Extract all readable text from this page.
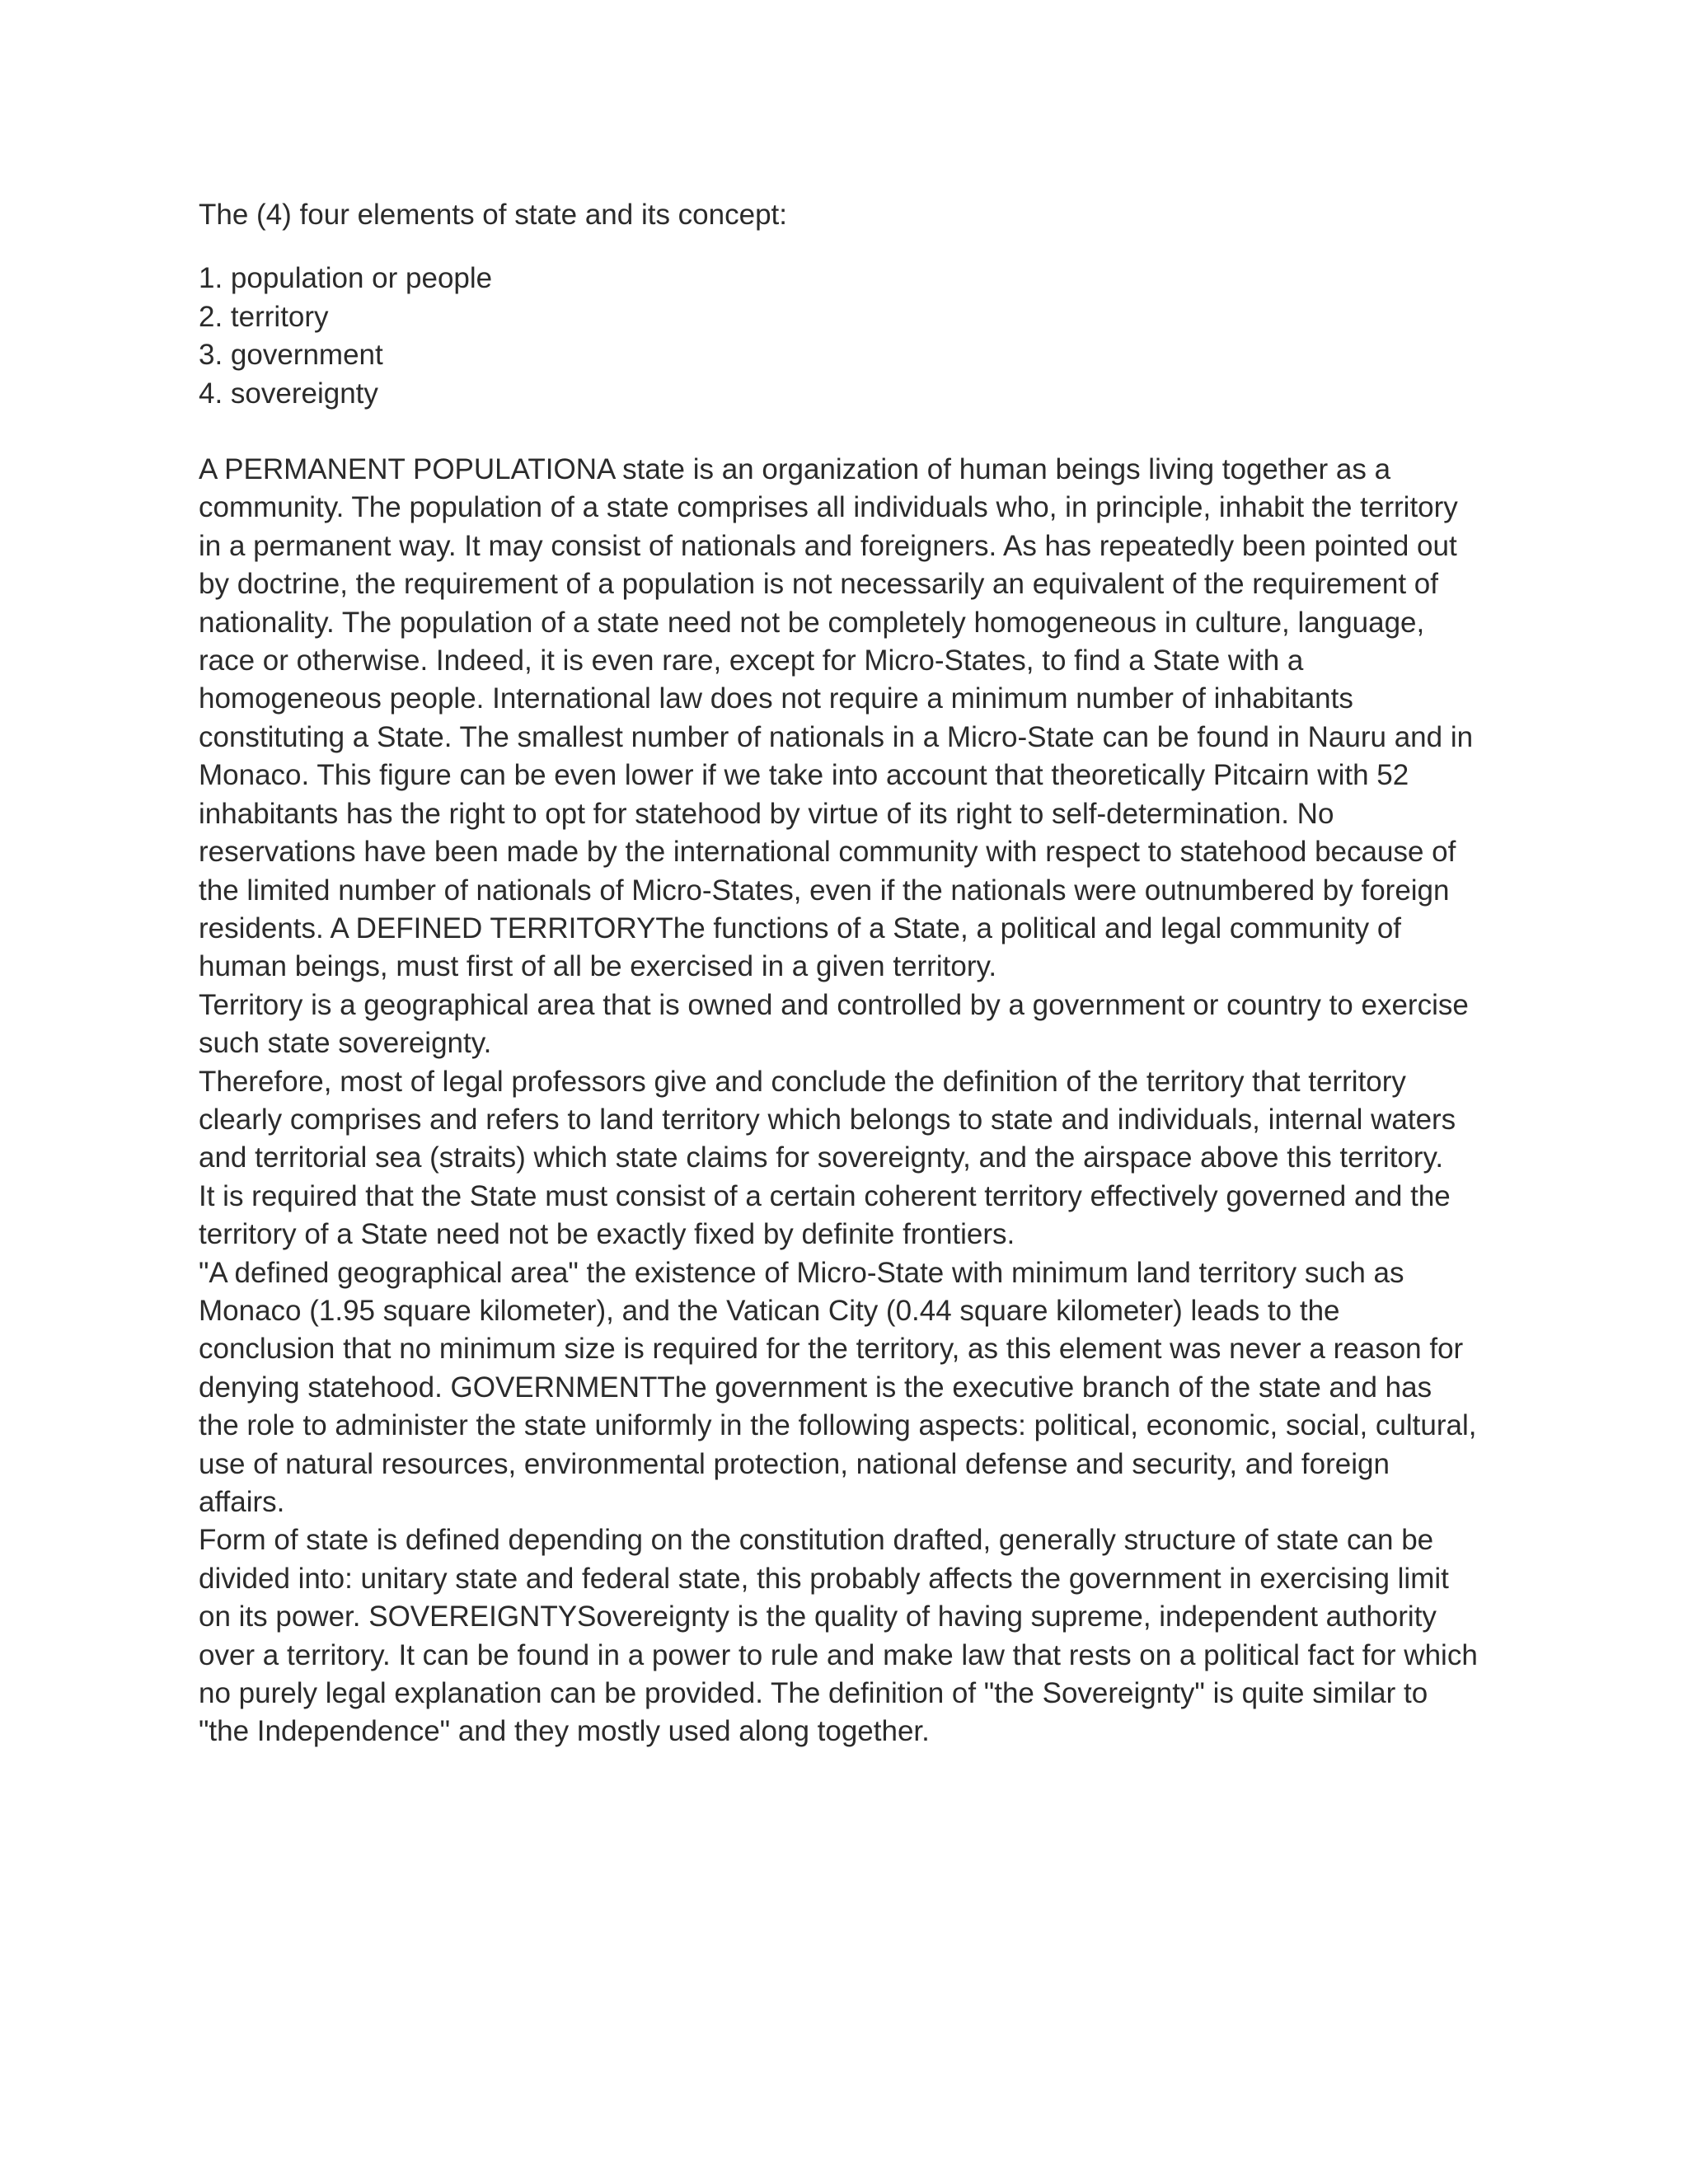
The (4) four elements of state and its concept:

1. population or people
2. territory
3. government
4. sovereignty
A PERMANENT POPULATIONA state is an organization of human beings living together as a
community. The population of a state comprises all individuals who, in principle, inhabit the territory
in a permanent way. It may consist of nationals and foreigners. As has repeatedly been pointed out
by doctrine, the requirement of a population is not necessarily an equivalent of the requirement of
nationality. The population of a state need not be completely homogeneous in culture, language,
race or otherwise. Indeed, it is even rare, except for Micro-States, to find a State with a
homogeneous people. International law does not require a minimum number of inhabitants
constituting a State. The smallest number of nationals in a Micro-State can be found in Nauru and in
Monaco. This figure can be even lower if we take into account that theoretically Pitcairn with 52
inhabitants has the right to opt for statehood by virtue of its right to self-determination. No
reservations have been made by the international community with respect to statehood because of
the limited number of nationals of Micro-States, even if the nationals were outnumbered by foreign
residents. A DEFINED TERRITORYThe functions of a State, a political and legal community of
human beings, must first of all be exercised in a given territory.
Territory is a geographical area that is owned and controlled by a government or country to exercise
such state sovereignty.
Therefore, most of legal professors give and conclude the definition of the territory that territory
clearly comprises and refers to land territory which belongs to state and individuals, internal waters
and territorial sea (straits) which state claims for sovereignty, and the airspace above this territory.
It is required that the State must consist of a certain coherent territory effectively governed and the
territory of a State need not be exactly fixed by definite frontiers.
"A defined geographical area" the existence of Micro-State with minimum land territory such as
Monaco (1.95 square kilometer), and the Vatican City (0.44 square kilometer) leads to the
conclusion that no minimum size is required for the territory, as this element was never a reason for
denying statehood. GOVERNMENTThe government is the executive branch of the state and has
the role to administer the state uniformly in the following aspects: political, economic, social, cultural,
use of natural resources, environmental protection, national defense and security, and foreign
affairs.
Form of state is defined depending on the constitution drafted, generally structure of state can be
divided into: unitary state and federal state, this probably affects the government in exercising limit
on its power. SOVEREIGNTYSovereignty is the quality of having supreme, independent authority
over a territory. It can be found in a power to rule and make law that rests on a political fact for which
no purely legal explanation can be provided. The definition of "the Sovereignty" is quite similar to
"the Independence" and they mostly used along together.
